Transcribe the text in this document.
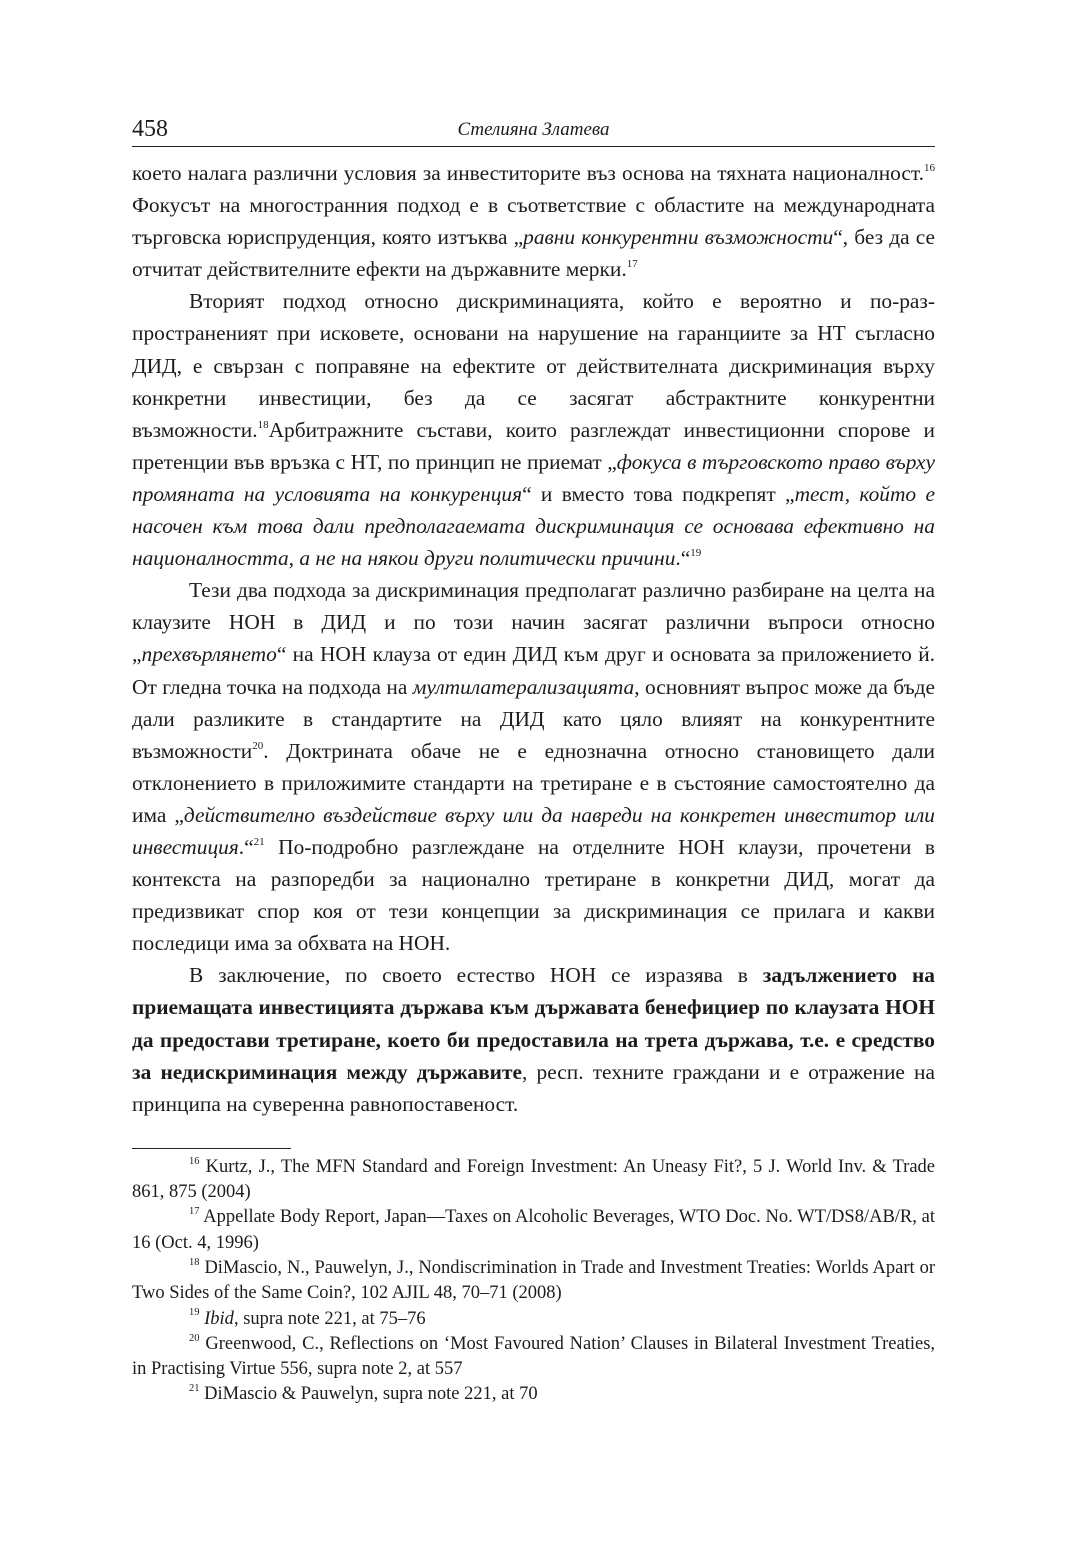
458	Стелияна Златева

което налага различни условия за инвеститорите въз основа на тяхната националност.$^{16}$ Фокусът на многостранния подход е в съответствие с областите на международната търговска юриспруденция, която изтъква „равни конкурентни възможности“, без да се отчитат действителните ефекти на държавните мерки.$^{17}$

Вторият подход относно дискриминацията, който е вероятно и по-разпространеният при исковете, основани на нарушение на гаранциите за НТ съгласно ДИД, е свързан с поправяне на ефектите от действителната дискриминация върху конкретни инвестиции, без да се засягат абстрактните конкурентни възможности.$^{18}$Арбитражните състави, които разглеждат инвестиционни спорове и претенции във връзка с НТ, по принцип не приемат „фокуса в търговското право върху промяната на условията на конкуренция“ и вместо това подкрепят „тест, който е насочен към това дали предполагаемата дискриминация се основава ефективно на националността, а не на някои други политически причини.“$^{19}$

Тези два подхода за дискриминация предполагат различно разбиране на целта на клаузите НОН в ДИД и по този начин засягат различни въпроси относно „прехвърлянето“ на НОН клауза от един ДИД към друг и основата за приложението й. От гледна точка на подхода на мултилатерализацията, основният въпрос може да бъде дали разликите в стандартите на ДИД като цяло влияят на конкурентните възможности$^{20}$. Доктрината обаче не е еднозначна относно становището дали отклонението в приложимите стандарти на третиране е в състояние самостоятелно да има „действително въздействие върху или да навреди на конкретен инвеститор или инвестиция.“$^{21}$ По-подробно разглеждане на отделните НОН клаузи, прочетени в контекста на разпоредби за национално третиране в конкретни ДИД, могат да предизвикат спор коя от тези концепции за дискриминация се прилага и какви последици има за обхвата на НОН.

В заключение, по своето естество НОН се изразява в задължението на приемащата инвестицията държава към държавата бенефициер по клаузата НОН да предостави третиране, което би предоставила на трета държава, т.е. е средство за недискриминация между държавите, респ. техните граждани и е отражение на принципа на суверенна равнопоставеност.

$^{16}$ Kurtz, J., The MFN Standard and Foreign Investment: An Uneasy Fit?, 5 J. World Inv. & Trade 861, 875 (2004)

$^{17}$ Appellate Body Report, Japan—Taxes on Alcoholic Beverages, WTO Doc. No. WT/DS8/AB/R, at 16 (Oct. 4, 1996)

$^{18}$ DiMascio, N., Pauwelyn, J., Nondiscrimination in Trade and Investment Treaties: Worlds Apart or Two Sides of the Same Coin?, 102 AJIL 48, 70–71 (2008)

$^{19}$ Ibid, supra note 221, at 75–76

$^{20}$ Greenwood, C., Reflections on ‘Most Favoured Nation’ Clauses in Bilateral Investment Treaties, in Practising Virtue 556, supra note 2, at 557

$^{21}$ DiMascio & Pauwelyn, supra note 221, at 70
